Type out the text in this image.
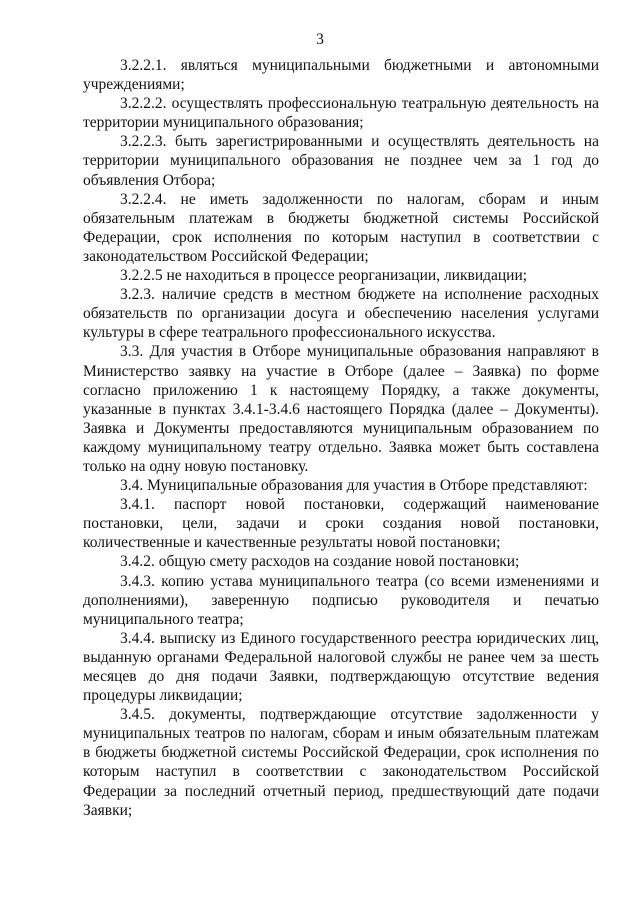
3

3.2.2.1. являться муниципальными бюджетными и автономными учреждениями;

3.2.2.2. осуществлять профессиональную театральную деятельность на территории муниципального образования;

3.2.2.3. быть зарегистрированными и осуществлять деятельность на территории муниципального образования не позднее чем за 1 год до объявления Отбора;

3.2.2.4. не иметь задолженности по налогам, сборам и иным обязательным платежам в бюджеты бюджетной системы Российской Федерации, срок исполнения по которым наступил в соответствии с законодательством Российской Федерации;

3.2.2.5 не находиться в процессе реорганизации, ликвидации;

3.2.3. наличие средств в местном бюджете на исполнение расходных обязательств по организации досуга и обеспечению населения услугами культуры в сфере театрального профессионального искусства.

3.3. Для участия в Отборе муниципальные образования направляют в Министерство заявку на участие в Отборе (далее – Заявка) по форме согласно приложению 1 к настоящему Порядку, а также документы, указанные в пунктах 3.4.1-3.4.6 настоящего Порядка (далее – Документы). Заявка и Документы предоставляются муниципальным образованием по каждому муниципальному театру отдельно. Заявка может быть составлена только на одну новую постановку.

3.4. Муниципальные образования для участия в Отборе представляют:

3.4.1. паспорт новой постановки, содержащий наименование постановки, цели, задачи и сроки создания новой постановки, количественные и качественные результаты новой постановки;

3.4.2. общую смету расходов на создание новой постановки;

3.4.3. копию устава муниципального театра (со всеми изменениями и дополнениями), заверенную подписью руководителя и печатью муниципального театра;

3.4.4. выписку из Единого государственного реестра юридических лиц, выданную органами Федеральной налоговой службы не ранее чем за шесть месяцев до дня подачи Заявки, подтверждающую отсутствие ведения процедуры ликвидации;

3.4.5. документы, подтверждающие отсутствие задолженности у муниципальных театров по налогам, сборам и иным обязательным платежам в бюджеты бюджетной системы Российской Федерации, срок исполнения по которым наступил в соответствии с законодательством Российской Федерации за последний отчетный период, предшествующий дате подачи Заявки;
